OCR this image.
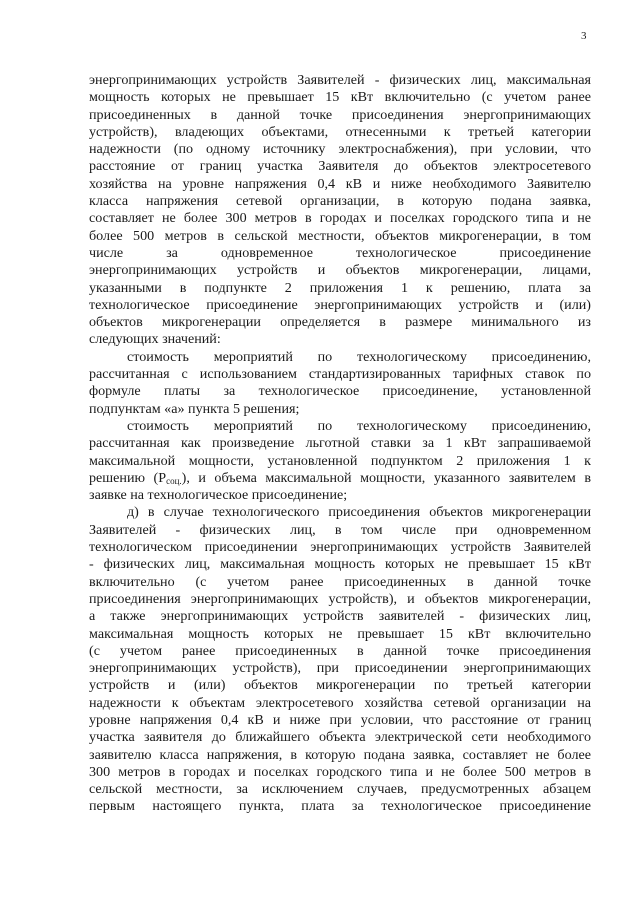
3
энергопринимающих устройств Заявителей - физических лиц, максимальная
мощность которых не превышает 15 кВт включительно (с учетом ранее
присоединенных в данной точке присоединения энергопринимающих
устройств), владеющих объектами, отнесенными к третьей категории
надежности (по одному источнику электроснабжения), при условии, что
расстояние от границ участка Заявителя до объектов электросетевого
хозяйства на уровне напряжения 0,4 кВ и ниже необходимого Заявителю
класса напряжения сетевой организации, в которую подана заявка,
составляет не более 300 метров в городах и поселках городского типа и не
более 500 метров в сельской местности, объектов микрогенерации, в том
числе за одновременное технологическое присоединение
энергопринимающих устройств и объектов микрогенерации, лицами,
указанными в подпункте 2 приложения 1 к решению, плата за
технологическое присоединение энергопринимающих устройств и (или)
объектов микрогенерации определяется в размере минимального из
следующих значений:
стоимость мероприятий по технологическому присоединению,
рассчитанная с использованием стандартизированных тарифных ставок по
формуле платы за технологическое присоединение, установленной
подпунктам «а» пункта 5 решения;
стоимость мероприятий по технологическому присоединению,
рассчитанная как произведение льготной ставки за 1 кВт запрашиваемой
максимальной мощности, установленной подпунктом 2 приложения 1 к
решению $(P_{соц.})$, и объема максимальной мощности, указанного заявителем в
заявке на технологическое присоединение;
д) в случае технологического присоединения объектов микрогенерации
Заявителей - физических лиц, в том числе при одновременном
технологическом присоединении энергопринимающих устройств Заявителей
- физических лиц, максимальная мощность которых не превышает 15 кВт
включительно (с учетом ранее присоединенных в данной точке
присоединения энергопринимающих устройств), и объектов микрогенерации,
а также энергопринимающих устройств заявителей - физических лиц,
максимальная мощность которых не превышает 15 кВт включительно
(с учетом ранее присоединенных в данной точке присоединения
энергопринимающих устройств), при присоединении энергопринимающих
устройств и (или) объектов микрогенерации по третьей категории
надежности к объектам электросетевого хозяйства сетевой организации на
уровне напряжения 0,4 кВ и ниже при условии, что расстояние от границ
участка заявителя до ближайшего объекта электрической сети необходимого
заявителю класса напряжения, в которую подана заявка, составляет не более
300 метров в городах и поселках городского типа и не более 500 метров в
сельской местности, за исключением случаев, предусмотренных абзацем
первым настоящего пункта, плата за технологическое присоединение
